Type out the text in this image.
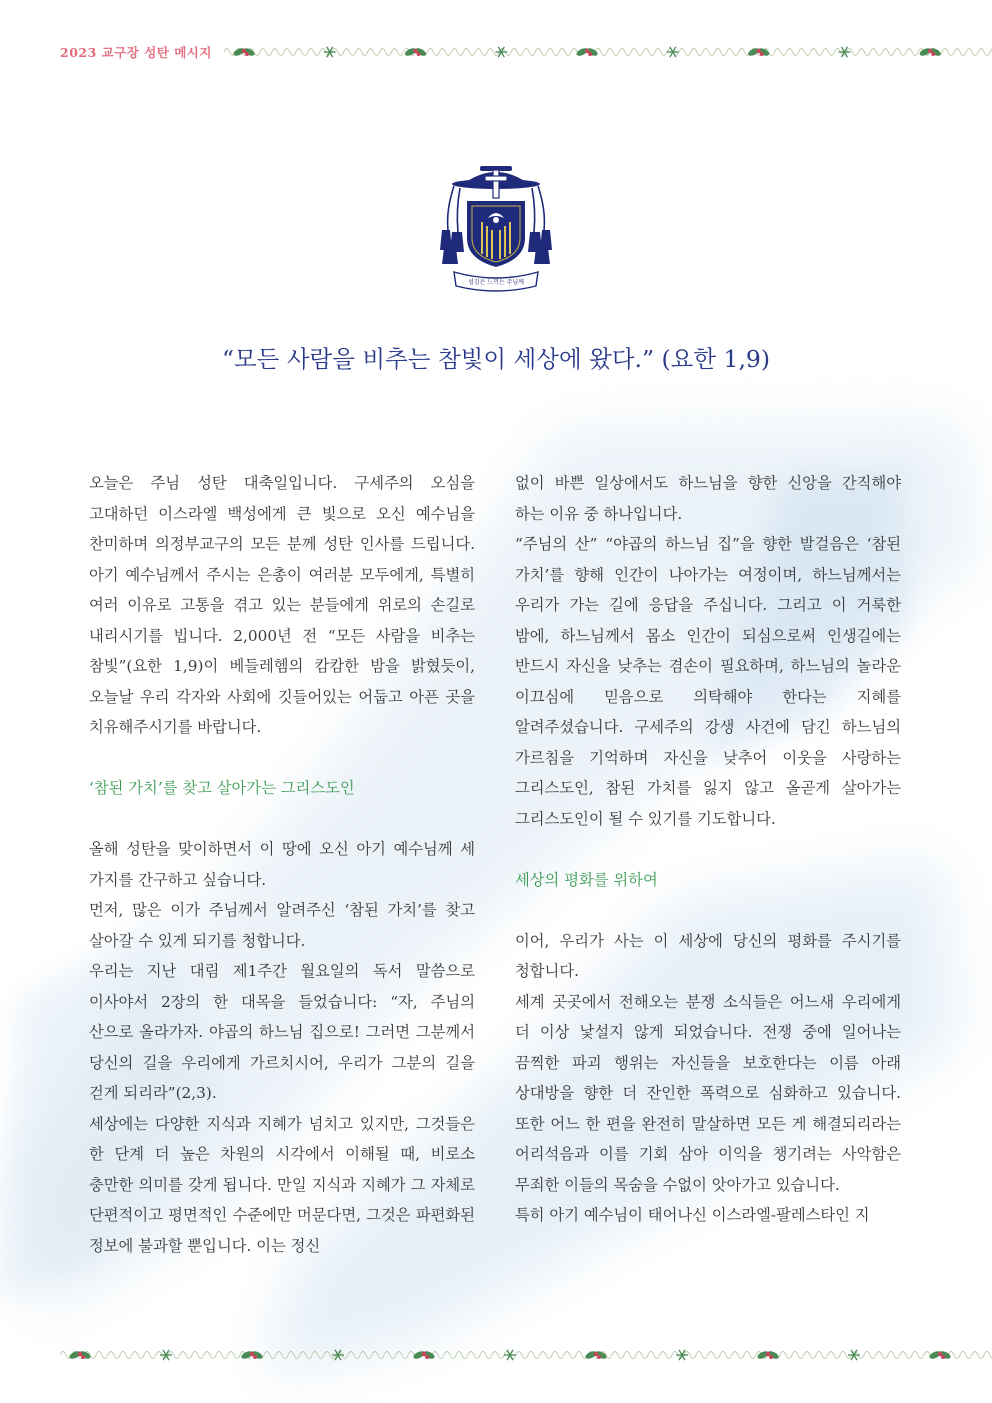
2023 교구장 성탄 메시지
섬김은 느끼는 주님께
“모든 사람을 비추는 참빛이 세상에 왔다.” (요한 1,9)

오늘은 주님 성탄 대축일입니다. 구세주의 오심을 고대하던 이스라엘 백성에게 큰 빛으로 오신 예수님을 찬미하며 의정부교구의 모든 분께 성탄 인사를 드립니다. 아기 예수님께서 주시는 은총이 여러분 모두에게, 특별히 여러 이유로 고통을 겪고 있는 분들에게 위로의 손길로 내리시기를 빕니다. 2,000년 전 “모든 사람을 비추는 참빛”(요한 1,9)이 베들레헴의 캄캄한 밤을 밝혔듯이, 오늘날 우리 각자와 사회에 깃들어있는 어둡고 아픈 곳을 치유해주시기를 바랍니다.

‘참된 가치’를 찾고 살아가는 그리스도인

올해 성탄을 맞이하면서 이 땅에 오신 아기 예수님께 세 가지를 간구하고 싶습니다.

먼저, 많은 이가 주님께서 알려주신 ‘참된 가치’를 찾고 살아갈 수 있게 되기를 청합니다.

우리는 지난 대림 제1주간 월요일의 독서 말씀으로 이사야서 2장의 한 대목을 들었습니다: “자, 주님의 산으로 올라가자. 야곱의 하느님 집으로! 그러면 그분께서 당신의 길을 우리에게 가르치시어, 우리가 그분의 길을 걷게 되리라”(2,3).

세상에는 다양한 지식과 지혜가 넘치고 있지만, 그것들은 한 단계 더 높은 차원의 시각에서 이해될 때, 비로소 충만한 의미를 갖게 됩니다. 만일 지식과 지혜가 그 자체로 단편적이고 평면적인 수준에만 머문다면, 그것은 파편화된 정보에 불과할 뿐입니다. 이는 정신

없이 바쁜 일상에서도 하느님을 향한 신앙을 간직해야 하는 이유 중 하나입니다.

“주님의 산” “야곱의 하느님 집”을 향한 발걸음은 ‘참된 가치’를 향해 인간이 나아가는 여정이며, 하느님께서는 우리가 가는 길에 응답을 주십니다. 그리고 이 거룩한 밤에, 하느님께서 몸소 인간이 되심으로써 인생길에는 반드시 자신을 낮추는 겸손이 필요하며, 하느님의 놀라운 이끄심에 믿음으로 의탁해야 한다는 지혜를 알려주셨습니다. 구세주의 강생 사건에 담긴 하느님의 가르침을 기억하며 자신을 낮추어 이웃을 사랑하는 그리스도인, 참된 가치를 잃지 않고 올곧게 살아가는 그리스도인이 될 수 있기를 기도합니다.

세상의 평화를 위하여

이어, 우리가 사는 이 세상에 당신의 평화를 주시기를 청합니다.

세계 곳곳에서 전해오는 분쟁 소식들은 어느새 우리에게 더 이상 낯설지 않게 되었습니다. 전쟁 중에 일어나는 끔찍한 파괴 행위는 자신들을 보호한다는 이름 아래 상대방을 향한 더 잔인한 폭력으로 심화하고 있습니다. 또한 어느 한 편을 완전히 말살하면 모든 게 해결되리라는 어리석음과 이를 기회 삼아 이익을 챙기려는 사악함은 무죄한 이들의 목숨을 수없이 앗아가고 있습니다.

특히 아기 예수님이 태어나신 이스라엘-팔레스타인 지
